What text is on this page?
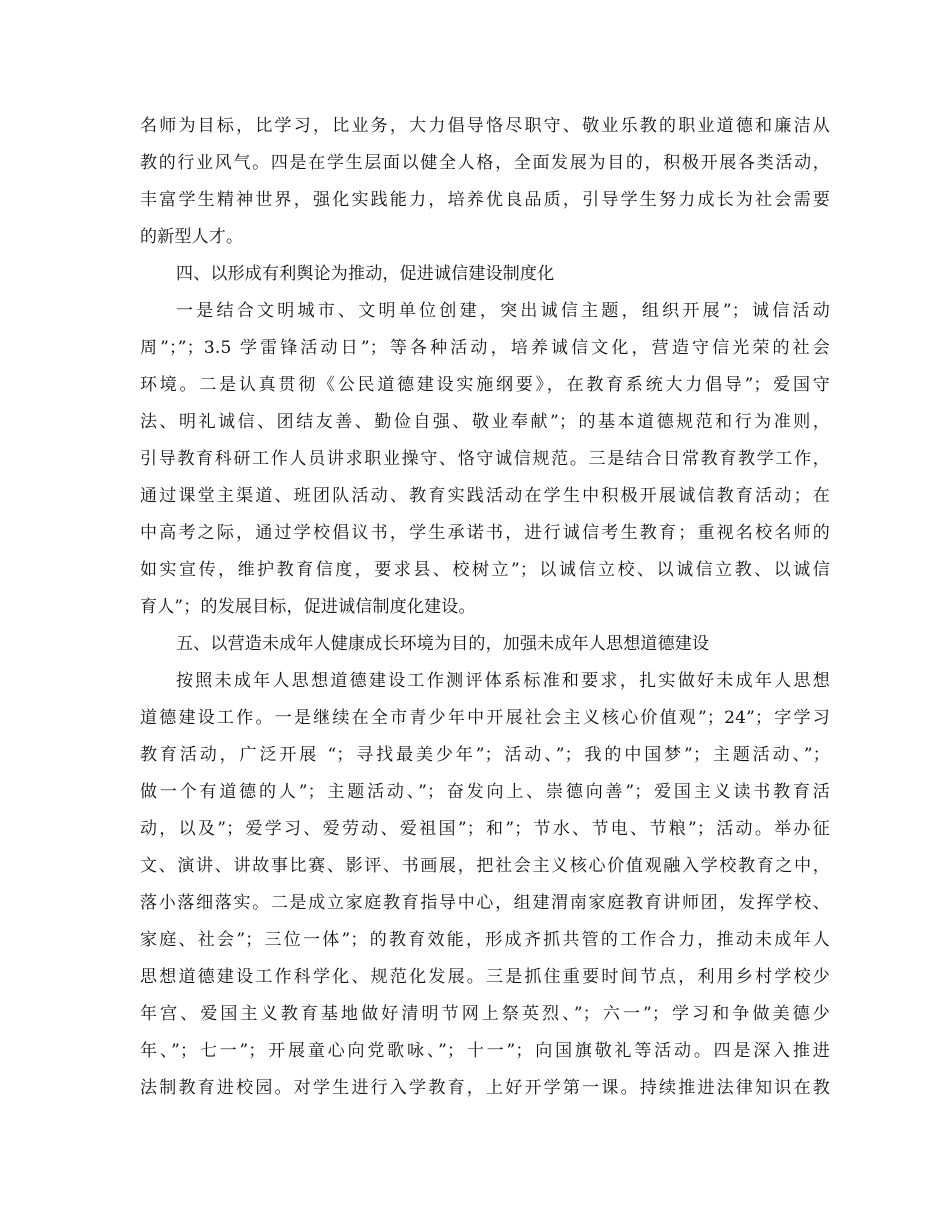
名师为目标，比学习，比业务，大力倡导恪尽职守、敬业乐教的职业道德和廉洁从
教的行业风气。四是在学生层面以健全人格，全面发展为目的，积极开展各类活动，
丰富学生精神世界，强化实践能力，培养优良品质，引导学生努力成长为社会需要
的新型人才。
四、以形成有利舆论为推动，促进诚信建设制度化
一是结合文明城市、文明单位创建，突出诚信主题，组织开展”；诚信活动
周”；”；3.5 学雷锋活动日”；等各种活动，培养诚信文化，营造守信光荣的社会
环境。二是认真贯彻《公民道德建设实施纲要》，在教育系统大力倡导”；爱国守
法、明礼诚信、团结友善、勤俭自强、敬业奉献”；的基本道德规范和行为准则，
引导教育科研工作人员讲求职业操守、恪守诚信规范。三是结合日常教育教学工作，
通过课堂主渠道、班团队活动、教育实践活动在学生中积极开展诚信教育活动；在
中高考之际，通过学校倡议书，学生承诺书，进行诚信考生教育；重视名校名师的
如实宣传，维护教育信度，要求县、校树立”；以诚信立校、以诚信立教、以诚信
育人”；的发展目标，促进诚信制度化建设。
五、以营造未成年人健康成长环境为目的，加强未成年人思想道德建设
按照未成年人思想道德建设工作测评体系标准和要求，扎实做好未成年人思想
道德建设工作。一是继续在全市青少年中开展社会主义核心价值观”；24”；字学习
教育活动，广泛开展 “；寻找最美少年”；活动、”；我的中国梦”；主题活动、”；
做一个有道德的人”；主题活动、”；奋发向上、崇德向善”；爱国主义读书教育活
动，以及”；爱学习、爱劳动、爱祖国”；和”；节水、节电、节粮”；活动。举办征
文、演讲、讲故事比赛、影评、书画展，把社会主义核心价值观融入学校教育之中，
落小落细落实。二是成立家庭教育指导中心，组建渭南家庭教育讲师团，发挥学校、
家庭、社会”；三位一体”；的教育效能，形成齐抓共管的工作合力，推动未成年人
思想道德建设工作科学化、规范化发展。三是抓住重要时间节点，利用乡村学校少
年宫、爱国主义教育基地做好清明节网上祭英烈、”；六一”；学习和争做美德少
年、”；七一”；开展童心向党歌咏、”；十一”；向国旗敬礼等活动。四是深入推进
法制教育进校园。对学生进行入学教育，上好开学第一课。持续推进法律知识在教
